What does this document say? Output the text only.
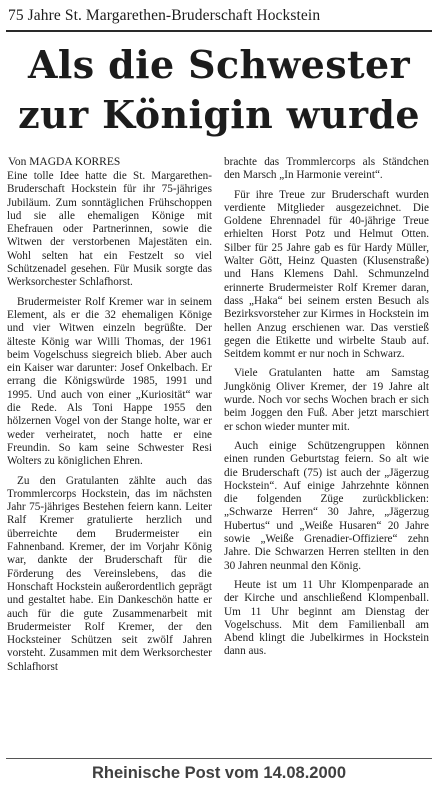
75 Jahre St. Margarethen-Bruderschaft Hockstein
Als die Schwester
zur Königin wurde
Von MAGDA KORRES

Eine tolle Idee hatte die St. Margarethen-Bruderschaft Hockstein für ihr 75-jähriges Jubiläum. Zum sonntäglichen Frühschoppen lud sie alle ehemaligen Könige mit Ehefrauen oder Partnerinnen, sowie die Witwen der verstorbenen Majestäten ein. Wohl selten hat ein Festzelt so viel Schützenadel gesehen. Für Musik sorgte das Werksorchester Schlafhorst.

Brudermeister Rolf Kremer war in seinem Element, als er die 32 ehemaligen Könige und vier Witwen einzeln begrüßte. Der älteste König war Willi Thomas, der 1961 beim Vogelschuss siegreich blieb. Aber auch ein Kaiser war darunter: Josef Onkelbach. Er errang die Königswürde 1985, 1991 und 1995. Und auch von einer „Kuriosität“ war die Rede. Als Toni Happe 1955 den hölzernen Vogel von der Stange holte, war er weder verheiratet, noch hatte er eine Freundin. So kam seine Schwester Resi Wolters zu königlichen Ehren.

Zu den Gratulanten zählte auch das Trommlercorps Hockstein, das im nächsten Jahr 75-jähriges Bestehen feiern kann. Leiter Ralf Kremer gratulierte herzlich und überreichte dem Brudermeister ein Fahnenband. Kremer, der im Vorjahr König war, dankte der Bruderschaft für die Förderung des Vereinslebens, das die Honschaft Hockstein außerordentlich geprägt und gestaltet habe. Ein Dankeschön hatte er auch für die gute Zusammenarbeit mit Brudermeister Rolf Kremer, der den Hocksteiner Schützen seit zwölf Jahren vorsteht. Zusammen mit dem Werksorchester Schlafhorst

brachte das Trommlercorps als Ständchen den Marsch „In Harmonie vereint“.

Für ihre Treue zur Bruderschaft wurden verdiente Mitglieder ausgezeichnet. Die Goldene Ehrennadel für 40-jährige Treue erhielten Horst Potz und Helmut Otten. Silber für 25 Jahre gab es für Hardy Müller, Walter Gött, Heinz Quasten (Klusenstraße) und Hans Klemens Dahl. Schmunzelnd erinnerte Brudermeister Rolf Kremer daran, dass „Haka“ bei seinem ersten Besuch als Bezirksvorsteher zur Kirmes in Hockstein im hellen Anzug erschienen war. Das verstieß gegen die Etikette und wirbelte Staub auf. Seitdem kommt er nur noch in Schwarz.

Viele Gratulanten hatte am Samstag Jungkönig Oliver Kremer, der 19 Jahre alt wurde. Noch vor sechs Wochen brach er sich beim Joggen den Fuß. Aber jetzt marschiert er schon wieder munter mit.

Auch einige Schützengruppen können einen runden Geburtstag feiern. So alt wie die Bruderschaft (75) ist auch der „Jägerzug Hockstein“. Auf einige Jahrzehnte können die folgenden Züge zurückblicken: „Schwarze Herren“ 30 Jahre, „Jägerzug Hubertus“ und „Weiße Husaren“ 20 Jahre sowie „Weiße Grenadier-Offiziere“ zehn Jahre. Die Schwarzen Herren stellten in den 30 Jahren neunmal den König.

Heute ist um 11 Uhr Klompenparade an der Kirche und anschließend Klompenball. Um 11 Uhr beginnt am Dienstag der Vogelschuss. Mit dem Familienball am Abend klingt die Jubelkirmes in Hockstein dann aus.

Rheinische Post vom 14.08.2000
